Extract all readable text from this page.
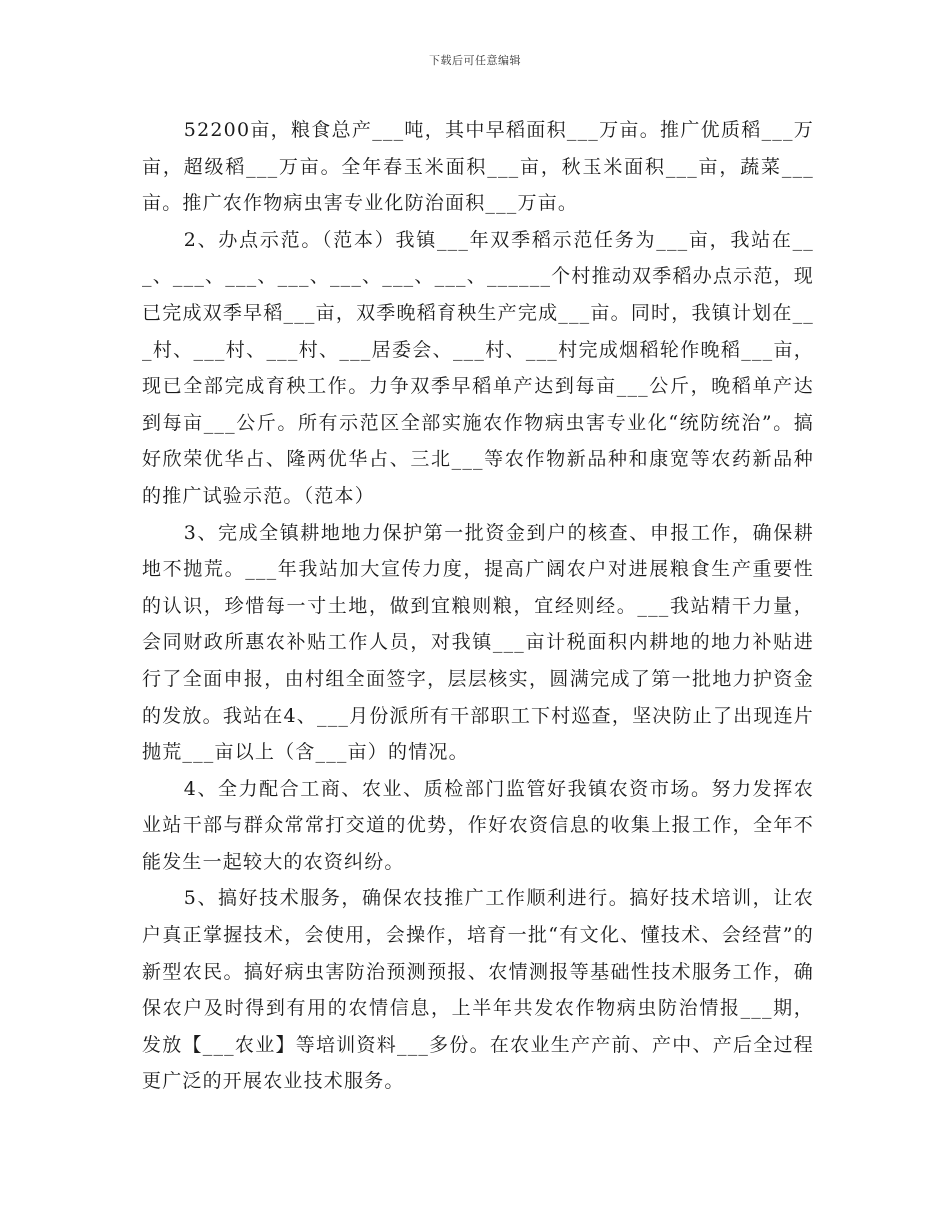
下载后可任意编辑

52200亩，粮食总产___吨，其中早稻面积___万亩。推广优质稻___万亩，超级稻___万亩。全年春玉米面积___亩，秋玉米面积___亩，蔬菜___亩。推广农作物病虫害专业化防治面积___万亩。

2、办点示范。（范本）我镇___年双季稻示范任务为___亩，我站在___、___、___、___、___、___、___、______个村推动双季稻办点示范，现已完成双季早稻___亩，双季晚稻育秧生产完成___亩。同时，我镇计划在___村、___村、___村、___居委会、___村、___村完成烟稻轮作晚稻___亩，现已全部完成育秧工作。力争双季早稻单产达到每亩___公斤，晚稻单产达到每亩___公斤。所有示范区全部实施农作物病虫害专业化“统防统治”。搞好欣荣优华占、隆两优华占、三北___等农作物新品种和康宽等农药新品种的推广试验示范。（范本）

3、完成全镇耕地地力保护第一批资金到户的核查、申报工作，确保耕地不抛荒。___年我站加大宣传力度，提高广阔农户对进展粮食生产重要性的认识，珍惜每一寸土地，做到宜粮则粮，宜经则经。___我站精干力量，会同财政所惠农补贴工作人员，对我镇___亩计税面积内耕地的地力补贴进行了全面申报，由村组全面签字，层层核实，圆满完成了第一批地力护资金的发放。我站在4、___月份派所有干部职工下村巡查，坚决防止了出现连片抛荒___亩以上（含___亩）的情况。

4、全力配合工商、农业、质检部门监管好我镇农资市场。努力发挥农业站干部与群众常常打交道的优势，作好农资信息的收集上报工作，全年不能发生一起较大的农资纠纷。

5、搞好技术服务，确保农技推广工作顺利进行。搞好技术培训，让农户真正掌握技术，会使用，会操作，培育一批“有文化、懂技术、会经营”的新型农民。搞好病虫害防治预测预报、农情测报等基础性技术服务工作，确保农户及时得到有用的农情信息，上半年共发农作物病虫防治情报___期，发放【___农业】等培训资料___多份。在农业生产产前、产中、产后全过程更广泛的开展农业技术服务。
